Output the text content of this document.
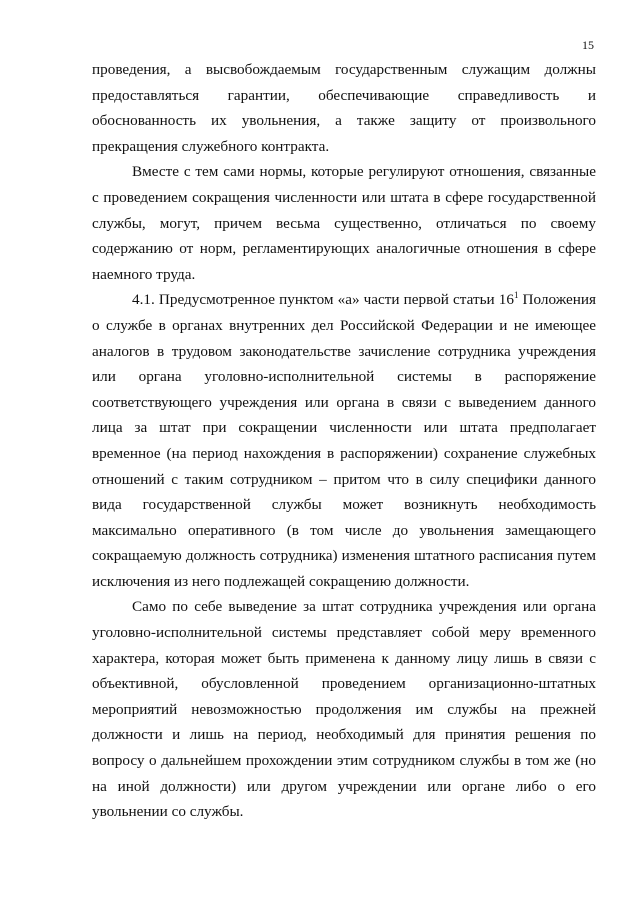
15

проведения, а высвобождаемым государственным служащим должны предоставляться гарантии, обеспечивающие справедливость и обоснованность их увольнения, а также защиту от произвольного прекращения служебного контракта.

Вместе с тем сами нормы, которые регулируют отношения, связанные с проведением сокращения численности или штата в сфере государственной службы, могут, причем весьма существенно, отличаться по своему содержанию от норм, регламентирующих аналогичные отношения в сфере наемного труда.

4.1. Предусмотренное пунктом «а» части первой статьи $16^1$ Положения о службе в органах внутренних дел Российской Федерации и не имеющее аналогов в трудовом законодательстве зачисление сотрудника учреждения или органа уголовно-исполнительной системы в распоряжение соответствующего учреждения или органа в связи с выведением данного лица за штат при сокращении численности или штата предполагает временное (на период нахождения в распоряжении) сохранение служебных отношений с таким сотрудником – притом что в силу специфики данного вида государственной службы может возникнуть необходимость максимально оперативного (в том числе до увольнения замещающего сокращаемую должность сотрудника) изменения штатного расписания путем исключения из него подлежащей сокращению должности.

Само по себе выведение за штат сотрудника учреждения или органа уголовно-исполнительной системы представляет собой меру временного характера, которая может быть применена к данному лицу лишь в связи с объективной, обусловленной проведением организационно-штатных мероприятий невозможностью продолжения им службы на прежней должности и лишь на период, необходимый для принятия решения по вопросу о дальнейшем прохождении этим сотрудником службы в том же (но на иной должности) или другом учреждении или органе либо о его увольнении со службы.
